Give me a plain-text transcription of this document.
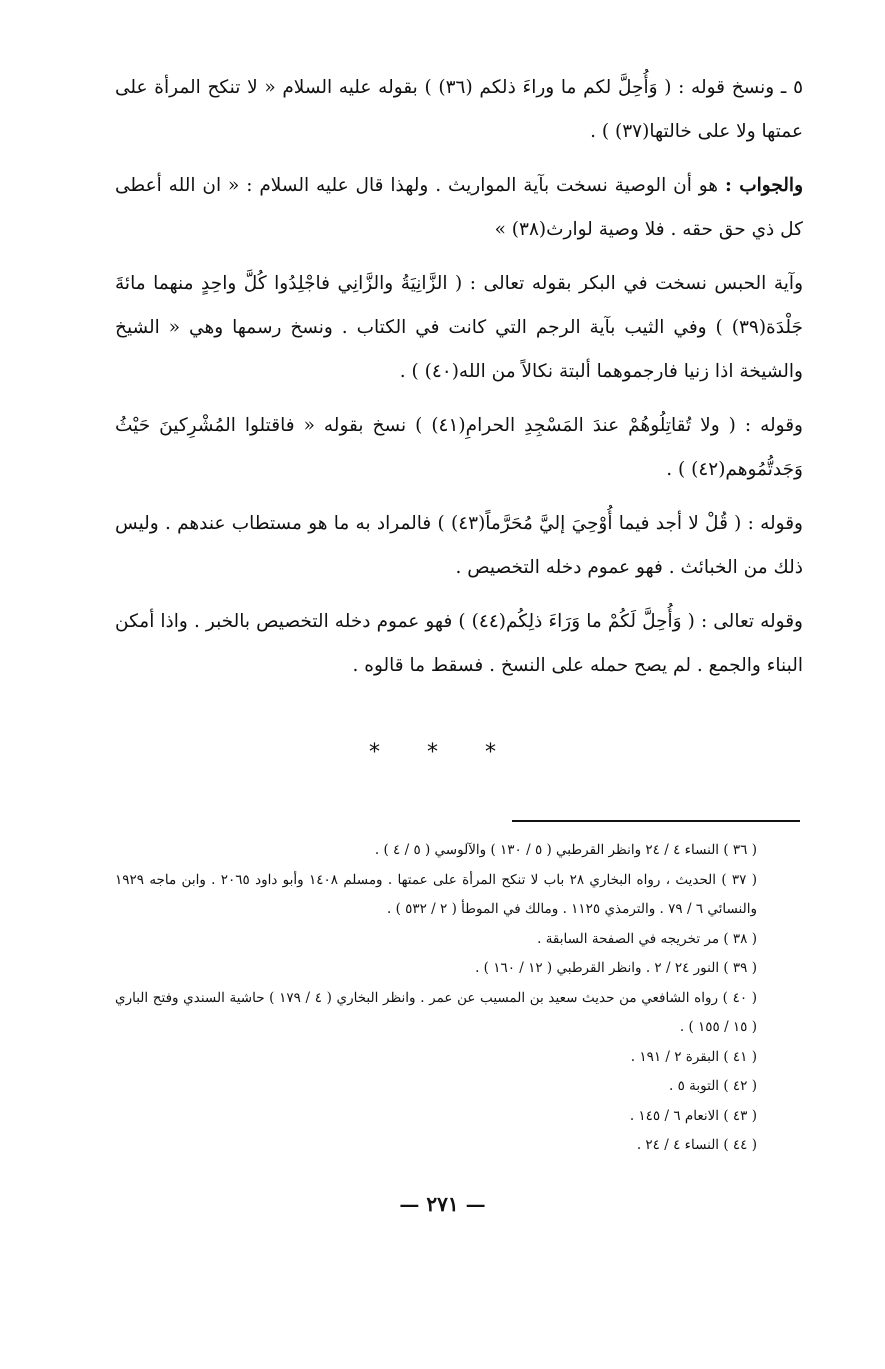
٥ ـ ونسخ قوله : ( وَأُحِلَّ لكم ما وراءَ ذلكم (٣٦) ) بقوله عليه السلام « لا تنكح المرأة على عمتها ولا على خالتها(٣٧) ) .

والجواب : هو أن الوصية نسخت بآية المواريث . ولهذا قال عليه السلام : « ان الله أعطى كل ذي حق حقه . فلا وصية لوارث(٣٨) »

وآية الحبس نسخت في البكر بقوله تعالى : ( الزَّانِيَةُ والزَّانِي فاجْلِدُوا كُلَّ واحِدٍ منهما مائةَ جَلْدَة(٣٩) ) وفي الثيب بآية الرجم التي كانت في الكتاب . ونسخ رسمها وهي « الشيخ والشيخة اذا زنيا فارجموهما ألبتة نكالاً من الله(٤٠) ) .

وقوله : ( ولا تُقاتِلُوهُمْ عندَ المَسْجِدِ الحرامِ(٤١) ) نسخ بقوله « فاقتلوا المُشْرِكينَ حَيْثُ وَجَدتُّمُوهم(٤٢) ) .

وقوله : ( قُلْ لا أجد فيما أُوْحِيَ إليَّ مُحَرَّماً(٤٣) ) فالمراد به ما هو مستطاب عندهم . وليس ذلك من الخبائث . فهو عموم دخله التخصيص .

وقوله تعالى : ( وَأُحِلَّ لَكُمْ ما وَرَاءَ ذلِكُم(٤٤) ) فهو عموم دخله التخصيص بالخبر . واذا أمكن البناء والجمع . لم يصح حمله على النسخ . فسقط ما قالوه .

* * *

( ٣٦ ) النساء ٤ / ٢٤ وانظر القرطبي ( ٥ / ١٣٠ ) والآلوسي ( ٥ / ٤ ) .

( ٣٧ ) الحديث ، رواه البخاري ٢٨ باب لا تنكح المرأة على عمتها . ومسلم ١٤٠٨ وأبو داود ٢٠٦٥ . وابن ماجه ١٩٢٩ والنسائي ٦ / ٧٩ . والترمذي ١١٢٥ . ومالك في الموطأ ( ٢ / ٥٣٢ ) .

( ٣٨ ) مر تخريجه في الصفحة السابقة .

( ٣٩ ) النور ٢٤ / ٢ . وانظر القرطبي ( ١٢ / ١٦٠ ) .

( ٤٠ ) رواه الشافعي من حديث سعيد بن المسيب عن عمر . وانظر البخاري ( ٤ / ١٧٩ ) حاشية السندي وفتح الباري ( ١٥ / ١٥٥ ) .

( ٤١ ) البقرة ٢ / ١٩١ .

( ٤٢ ) التوبة ٥ .

( ٤٣ ) الانعام ٦ / ١٤٥ .

( ٤٤ ) النساء ٤ / ٢٤ .

— ٢٧١ —
